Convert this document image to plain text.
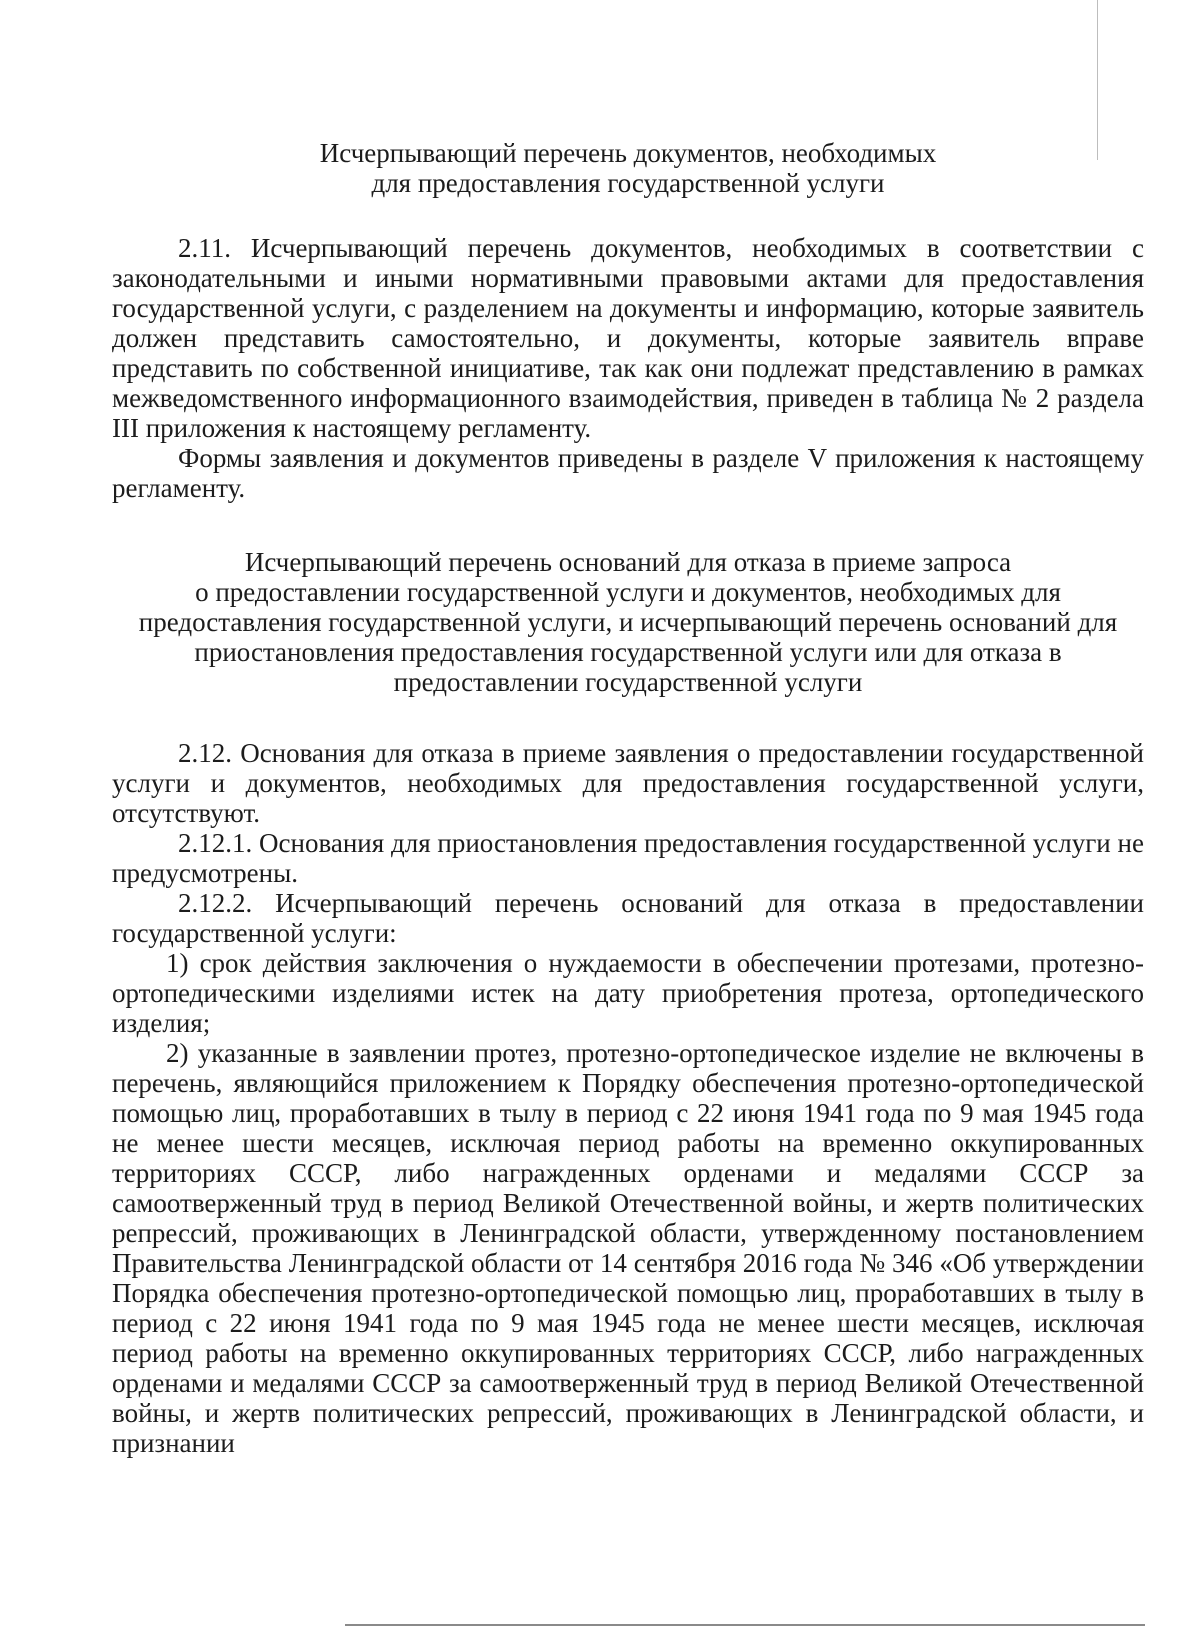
Исчерпывающий перечень документов, необходимых
для предоставления государственной услуги

2.11. Исчерпывающий перечень документов, необходимых в соответствии с законодательными и иными нормативными правовыми актами для предоставления государственной услуги, с разделением на документы и информацию, которые заявитель должен представить самостоятельно, и документы, которые заявитель вправе представить по собственной инициативе, так как они подлежат представлению в рамках межведомственного информационного взаимодействия, приведен в таблица № 2 раздела III приложения к настоящему регламенту.

Формы заявления и документов приведены в разделе V приложения к настоящему регламенту.

Исчерпывающий перечень оснований для отказа в приеме запроса
о предоставлении государственной услуги и документов, необходимых для
предоставления государственной услуги, и исчерпывающий перечень оснований для
приостановления предоставления государственной услуги или для отказа в
предоставлении государственной услуги

2.12. Основания для отказа в приеме заявления о предоставлении государственной услуги и документов, необходимых для предоставления государственной услуги, отсутствуют.

2.12.1. Основания для приостановления предоставления государственной услуги не предусмотрены.

2.12.2. Исчерпывающий перечень оснований для отказа в предоставлении государственной услуги:

1) срок действия заключения о нуждаемости в обеспечении протезами, протезно-ортопедическими изделиями истек на дату приобретения протеза, ортопедического изделия;

2) указанные в заявлении протез, протезно-ортопедическое изделие не включены в перечень, являющийся приложением к Порядку обеспечения протезно-ортопедической помощью лиц, проработавших в тылу в период с 22 июня 1941 года по 9 мая 1945 года не менее шести месяцев, исключая период работы на временно оккупированных территориях СССР, либо награжденных орденами и медалями СССР за самоотверженный труд в период Великой Отечественной войны, и жертв политических репрессий, проживающих в Ленинградской области, утвержденному постановлением Правительства Ленинградской области от 14 сентября 2016 года № 346 «Об утверждении Порядка обеспечения протезно-ортопедической помощью лиц, проработавших в тылу в период с 22 июня 1941 года по 9 мая 1945 года не менее шести месяцев, исключая период работы на временно оккупированных территориях СССР, либо награжденных орденами и медалями СССР за самоотверженный труд в период Великой Отечественной войны, и жертв политических репрессий, проживающих в Ленинградской области, и признании
